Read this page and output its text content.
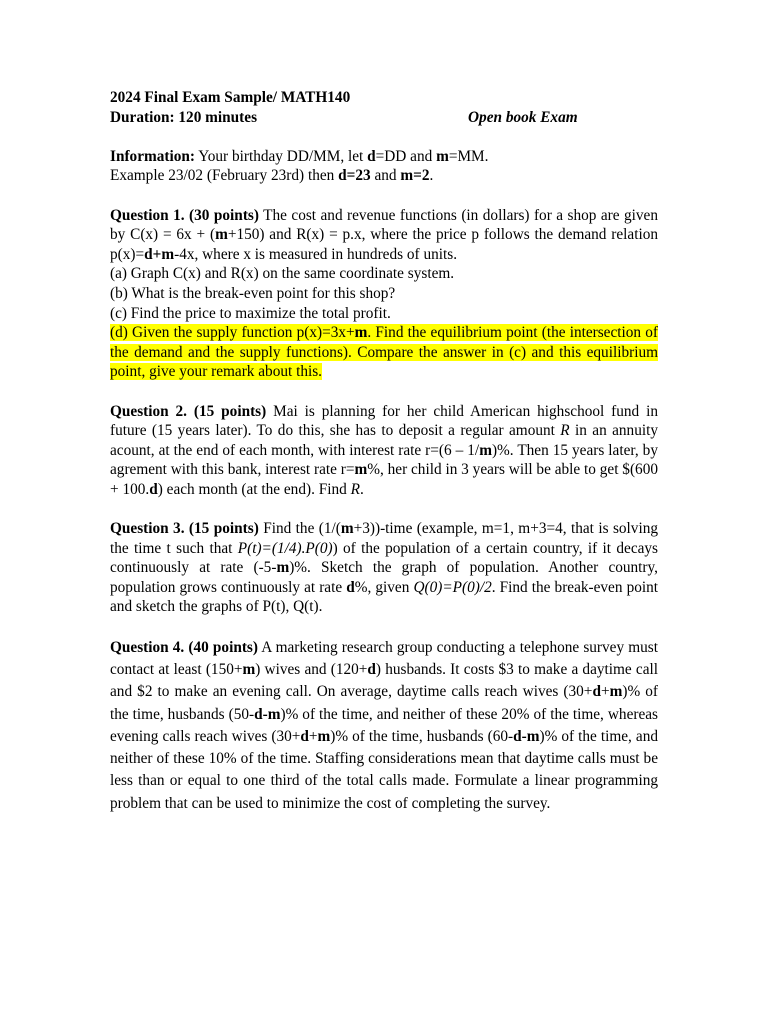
2024 Final Exam Sample/ MATH140

Duration: 120 minutes	Open book Exam

Information: Your birthday DD/MM, let d=DD and m=MM.

Example 23/02 (February 23rd) then d=23 and m=2.

Question 1. (30 points) The cost and revenue functions (in dollars) for a shop are given by C(x) = 6x + (m+150) and R(x) = p.x, where the price p follows the demand relation p(x)=d+m-4x, where x is measured in hundreds of units.

(a) Graph C(x) and R(x) on the same coordinate system.

(b) What is the break-even point for this shop?

(c) Find the price to maximize the total profit.

(d) Given the supply function p(x)=3x+m. Find the equilibrium point (the intersection of the demand and the supply functions). Compare the answer in (c) and this equilibrium point, give your remark about this.

Question 2. (15 points) Mai is planning for her child American highschool fund in future (15 years later). To do this, she has to deposit a regular amount R in an annuity acount, at the end of each month, with interest rate r=(6 – 1/m)%. Then 15 years later, by agrement with this bank, interest rate r=m%, her child in 3 years will be able to get $(600 + 100.d) each month (at the end). Find R.

Question 3. (15 points) Find the (1/(m+3))-time (example, m=1, m+3=4, that is solving the time t such that P(t)=(1/4).P(0)) of the population of a certain country, if it decays continuously at rate (-5-m)%. Sketch the graph of population. Another country, population grows continuously at rate d%, given Q(0)=P(0)/2. Find the break-even point and sketch the graphs of P(t), Q(t).

Question 4. (40 points) A marketing research group conducting a telephone survey must contact at least (150+m) wives and (120+d) husbands. It costs $3 to make a daytime call and $2 to make an evening call. On average, daytime calls reach wives (30+d+m)% of the time, husbands (50-d-m)% of the time, and neither of these 20% of the time, whereas evening calls reach wives (30+d+m)% of the time, husbands (60-d-m)% of the time, and neither of these 10% of the time. Staffing considerations mean that daytime calls must be less than or equal to one third of the total calls made. Formulate a linear programming problem that can be used to minimize the cost of completing the survey.
